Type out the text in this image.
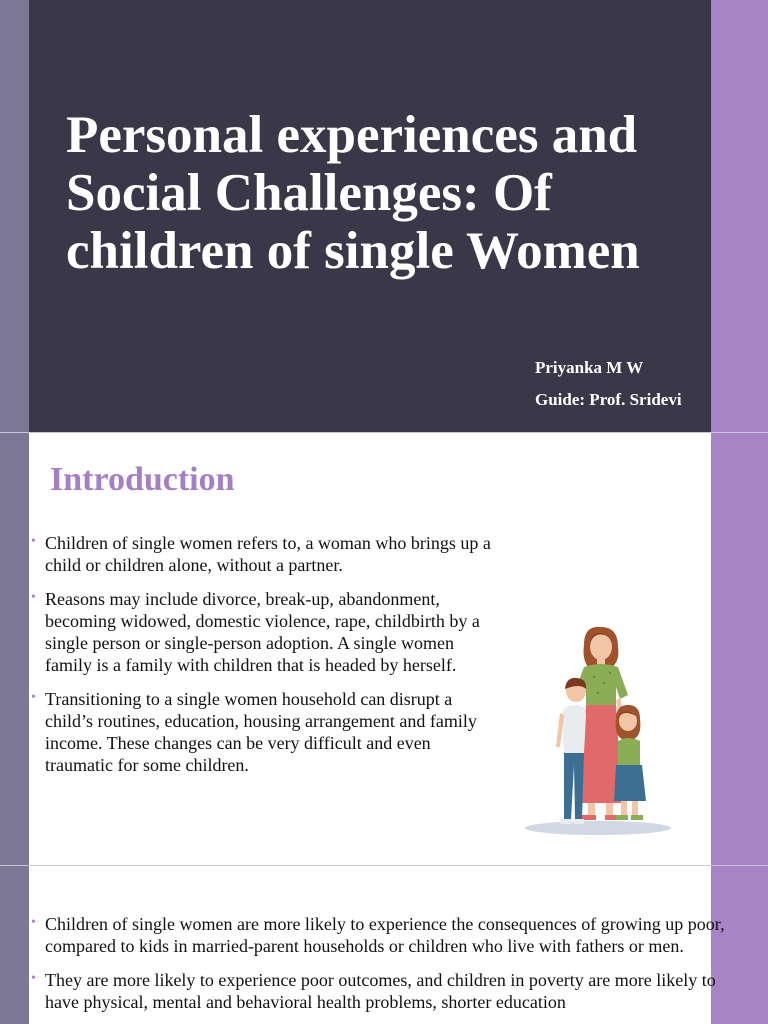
Personal experiences and Social Challenges: Of children of single Women
Priyanka M W
Guide: Prof. Sridevi
Introduction
• Children of single women refers to, a woman who brings up a child or children alone, without a partner.
• Reasons may include divorce, break-up, abandonment, becoming widowed, domestic violence, rape, childbirth by a single person or single-person adoption. A single women family is a family with children that is headed by herself.
• Transitioning to a single women household can disrupt a child’s routines, education, housing arrangement and family income. These changes can be very difficult and even traumatic for some children.
• Children of single women are more likely to experience the consequences of growing up poor, compared to kids in married-parent households or children who live with fathers or men.
• They are more likely to experience poor outcomes, and children in poverty are more likely to have physical, mental and behavioral health problems, shorter education
